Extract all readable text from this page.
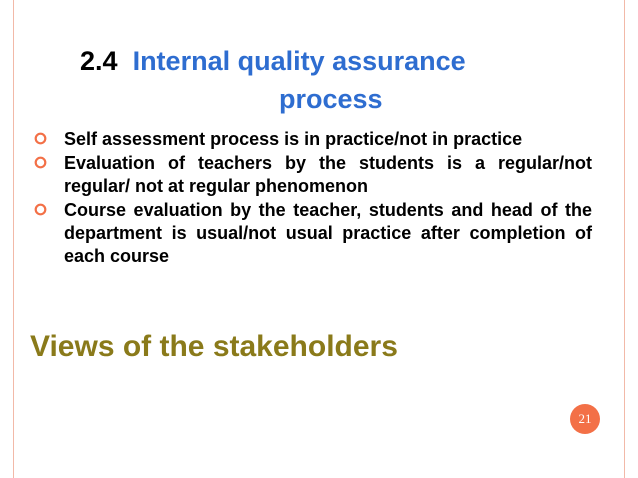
2.4 Internal quality assurance
process
Self assessment process is in practice/not in practice
Evaluation of teachers by the students is a regular/not regular/ not at regular phenomenon
Course evaluation by the teacher, students and head of the department is usual/not usual practice after completion of each course
Views of the stakeholders
21
